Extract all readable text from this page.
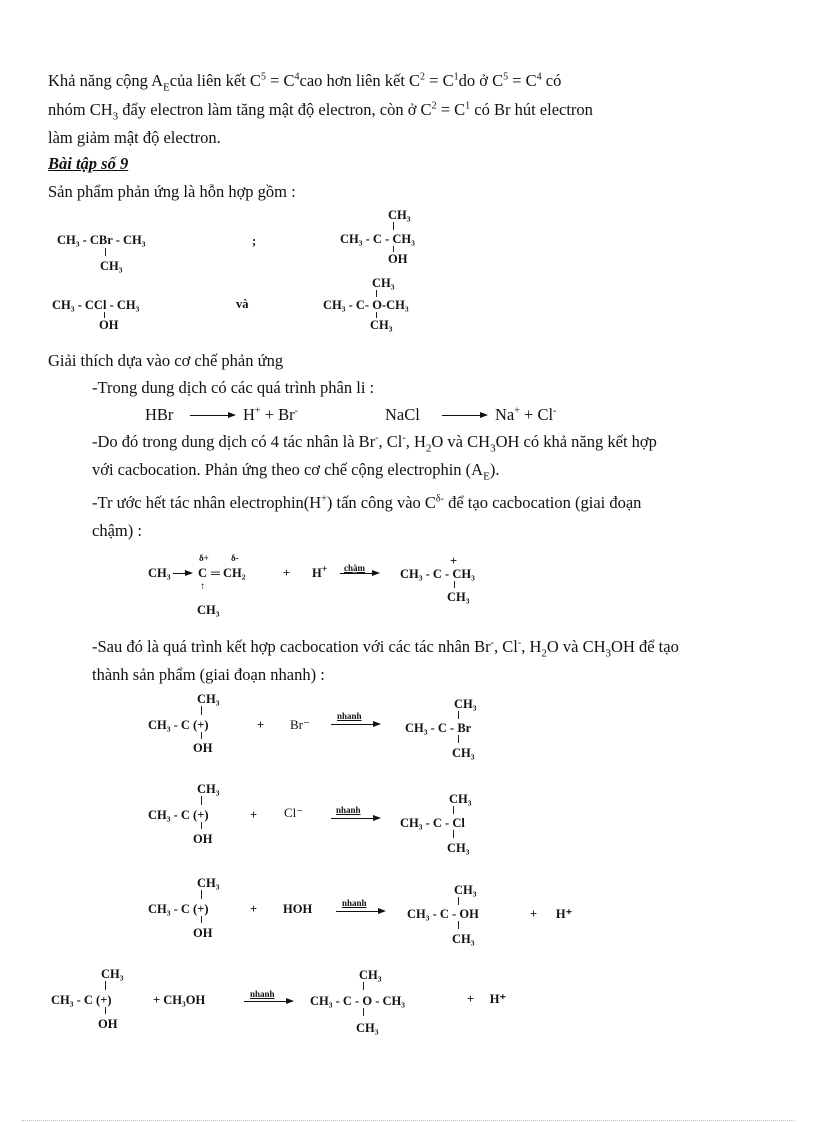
Khả năng cộng $A_Ecủa$ liên kết $C^5 = C^4cao$ hơn liên kết $C^2 = C^1do$ ở $C^5 = C^4$ có
nhóm $CH_3$ đẩy electron làm tăng mật độ electron, còn ở $C^2 = C^1$ có Br hút electron
làm giảm mật độ electron.
Bài tập số 9
Sản phẩm phản ứng là hỗn hợp gồm :
CH₃ - CBr - CH₃
CH₃
;
CH₃
CH₃ - C - CH₃
OH
CH₃ - CCl - CH₃
OH
và
CH₃
CH₃ - C- O-CH₃
CH₃
Giải thích dựa vào cơ chế phản ứng
-Trong dung dịch có các quá trình phân li :
HBr	H+ + Br-	NaCl	Na+ + Cl-
-Do đó trong dung dịch có 4 tác nhân là Br-, Cl-, $H_2O$ và $CH_3OH$ có khả năng kết hợp
với cacbocation. Phản ứng theo cơ chế cộng electrophin $(A_E)$.
-Tr ước hết tác nhân electrophin(H+) tấn công vào $C^{\delta-}$ để tạo cacbocation (giai đoạn
chậm) :
δ+ δ-
CH₃ C ═ CH₂
↑
CH₃
+ H+ chậm	+
CH₃ - C - CH₃
CH₃
-Sau đó là quá trình kết hợp cacbocation với các tác nhân Br-, Cl-, $H_2O$ và $CH_3OH$ để tạo
thành sản phẩm (giai đoạn nhanh) :
CH₃
CH₃ - C (+)
OH
+ Br⁻
nhanh
CH₃
CH₃ - C - Br
CH₃
CH₃
CH₃ - C (+)
OH
+ Cl⁻	nhanh
CH₃
CH₃ - C - Cl
CH₃
CH₃
CH₃ - C (+)
OH
+ HOH	nhanh
CH₃
CH₃ - C - OH
CH₃
+      H⁺
CH₃
CH₃ - C (+)
OH
+ CH₃OH	nhanh
CH₃
CH₃ - C - O - CH₃
CH₃
+     H⁺
